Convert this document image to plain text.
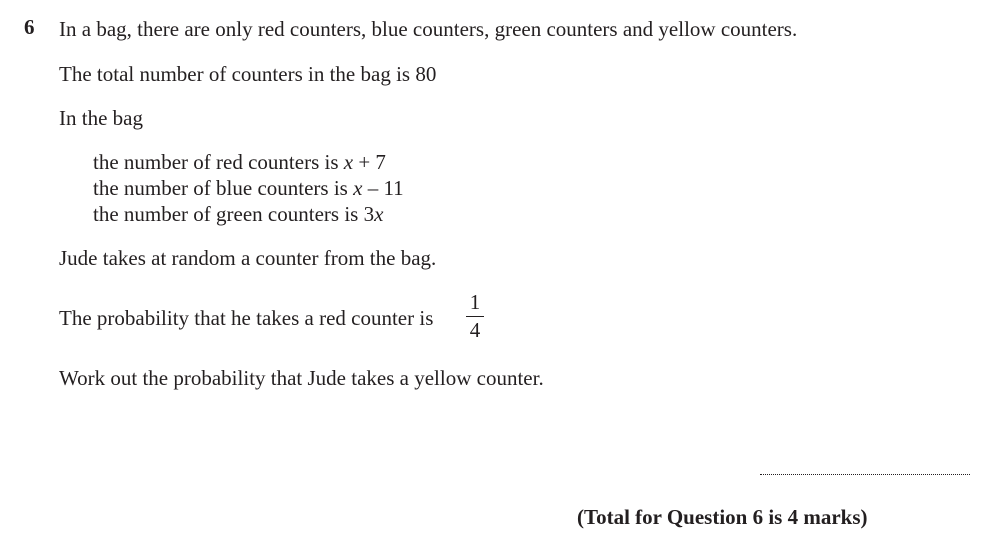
6 In a bag, there are only red counters, blue counters, green counters and yellow counters.
The total number of counters in the bag is 80
In the bag
the number of red counters is x + 7
the number of blue counters is x – 11
the number of green counters is 3x
Jude takes at random a counter from the bag.
The probability that he takes a red counter is
1
4
Work out the probability that Jude takes a yellow counter.
(Total for Question 6 is 4 marks)
